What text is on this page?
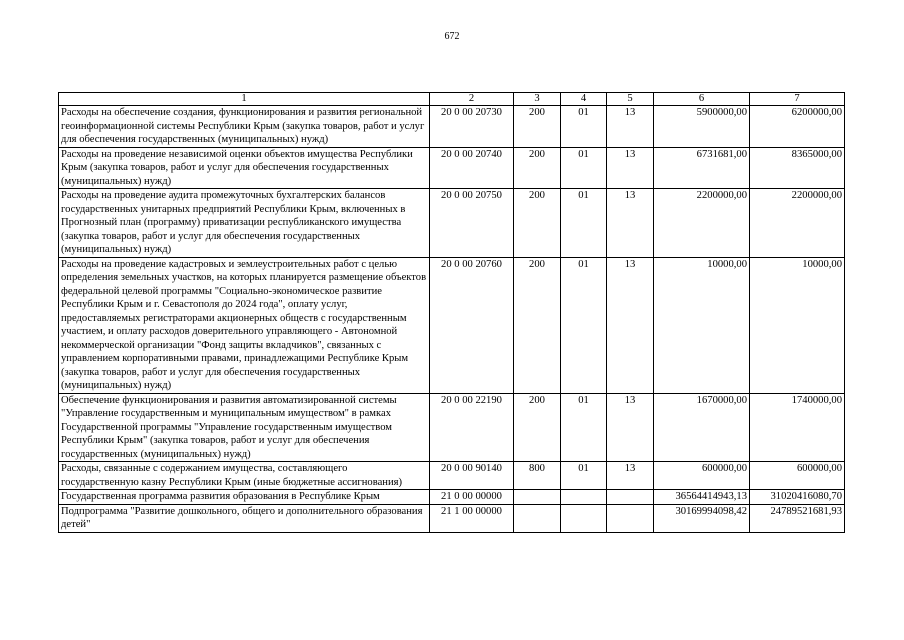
672
1	2	3	4	5	6	7
Расходы на обеспечение создания, функционирования и развития региональной геоинформационной системы Республики Крым (закупка товаров, работ и услуг для обеспечения государственных (муниципальных) нужд)	20 0 00 20730	200	01	13	5900000,00	6200000,00
Расходы на проведение независимой оценки объектов имущества Республики Крым (закупка товаров, работ и услуг для обеспечения государственных (муниципальных) нужд)	20 0 00 20740	200	01	13	6731681,00	8365000,00
Расходы на проведение аудита промежуточных бухгалтерских балансов государственных унитарных предприятий Республики Крым, включенных в Прогнозный план (программу) приватизации республиканского имущества (закупка товаров, работ и услуг для обеспечения государственных (муниципальных) нужд)	20 0 00 20750	200	01	13	2200000,00	2200000,00
Расходы на проведение кадастровых и землеустроительных работ с целью определения земельных участков, на которых планируется размещение объектов федеральной целевой программы "Социально-экономическое развитие Республики Крым и г. Севастополя до 2024 года", оплату услуг, предоставляемых регистраторами акционерных обществ с государственным участием, и оплату расходов доверительного управляющего - Автономной некоммерческой организации "Фонд защиты вкладчиков", связанных с управлением корпоративными правами, принадлежащими Республике Крым (закупка товаров, работ и услуг для обеспечения государственных (муниципальных) нужд)	20 0 00 20760	200	01	13	10000,00	10000,00
Обеспечение функционирования и развития автоматизированной системы "Управление государственным и муниципальным имуществом" в рамках Государственной программы "Управление государственным имуществом Республики Крым" (закупка товаров, работ и услуг для обеспечения государственных (муниципальных) нужд)	20 0 00 22190	200	01	13	1670000,00	1740000,00
Расходы, связанные с содержанием имущества, составляющего государственную казну Республики Крым (иные бюджетные ассигнования)	20 0 00 90140	800	01	13	600000,00	600000,00
Государственная программа развития образования в Республике Крым	21 0 00 00000				36564414943,13	31020416080,70
Подпрограмма "Развитие дошкольного, общего и дополнительного образования детей"	21 1 00 00000				30169994098,42	24789521681,93
